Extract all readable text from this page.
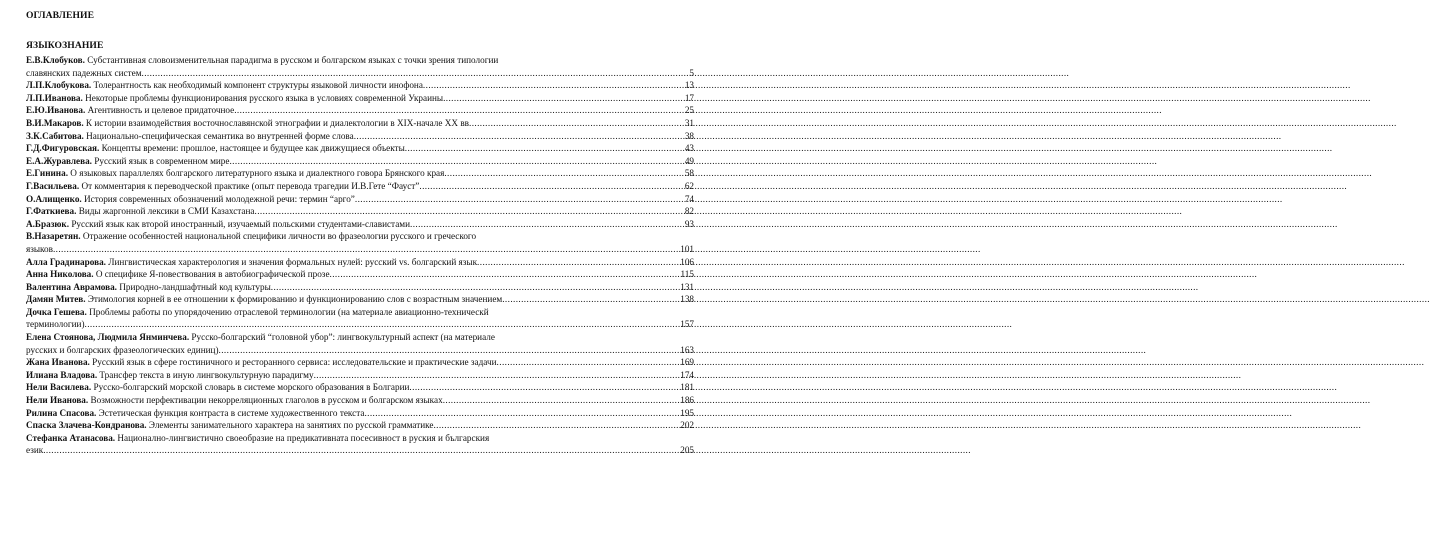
ОГЛАВЛЕНИЕ
ЯЗЫКОЗНАНИЕ
Е.В.Клобуков. Субстантивная словоизменительная парадигма в русском и болгарском языках с точки зрения типологии
славянских падежных систем .....	5
Л.П.Клобукова. Толерантность как необходимый компонент структуры языковой личности инофона .....	13
Л.П.Иванова. Некоторые проблемы функционирования русского языка в условиях современной Украины .....	17
Е.Ю.Иванова. Агентивность и целевое придаточное .....	25
В.И.Макаров. К истории взаимодействия восточнославянской этнографии и диалектологии в XIX-начале XX вв .....	31
З.К.Сабитова. Национально-специфическая семантика во внутренней форме слова .....	38
Г.Д.Фигуровская. Концепты времени: прошлое, настоящее и будущее как движущиеся объекты .....	43
Е.А.Журавлева. Русский язык в современном мире .....	49
Е.Гинина. О языковых параллелях болгарского литературного языка и диалектного говора Брянского края .....	58
Г.Васильева. От комментария к переводческой практике (опыт перевода трагедии И.В.Гете “Фауст” .....	62
О.Алищенко. История современных обозначений молодежной речи: термин “арго” .....	74
Г.Фаткиева. Виды жаргонной лексики в СМИ Казахстана .....	82
А.Бразюк. Русский язык как второй иностранный, изучаемый польскими студентами-славистами .....	93
В.Назаретян. Отражение особенностей национальной специфики личности во фразеологии русского и греческого
языков .....	101
Алла Градинарова. Лингвистическая характерология и значения формальных нулей: русский vs. болгарский язык .....	106
Анна Николова. О специфике Я-повествования в автобиографической прозе .....	115
Валентина Аврамова. Природно-ландшафтный код культуры .....	131
Дамян Митев. Этимология корней в ее отношении к формированию и функционированию слов с возрастным значением .....	138
Дочка Гешева. Проблемы работы по упорядочению отраслевой терминологии (на материале авиационно-техническй
терминологии) .....	157
Елена Стоянова, Людмила Янминчева. Русско-болгарский “головной убор”: лингвокультурный аспект (на материале
русских и болгарских фразеологических единиц) .....	163
Жана Иванова. Русский язык в сфере гостиничного и ресторанного сервиса: исследовательские и практические задачи .....	169
Илиана Владова. Трансфер текста в иную лингвокультурную парадигму .....	174
Нели Василева. Русско-болгарский морской словарь в системе морского образования в Болгарии .....	181
Нели Иванова. Возможности перфективации некорреляционных глаголов в русском и болгарском языках .....	186
Рилина Спасова. Эстетическая функция контраста в системе художественного текста .....	195
Спаска Злачева-Кондранова. Элементы занимательного характера на занятиях по русской грамматике .....	202
Стефанка Атанасова. Национално-лингвистично своеобразие на предикативната посесивност в руския и българския
език .....	205
